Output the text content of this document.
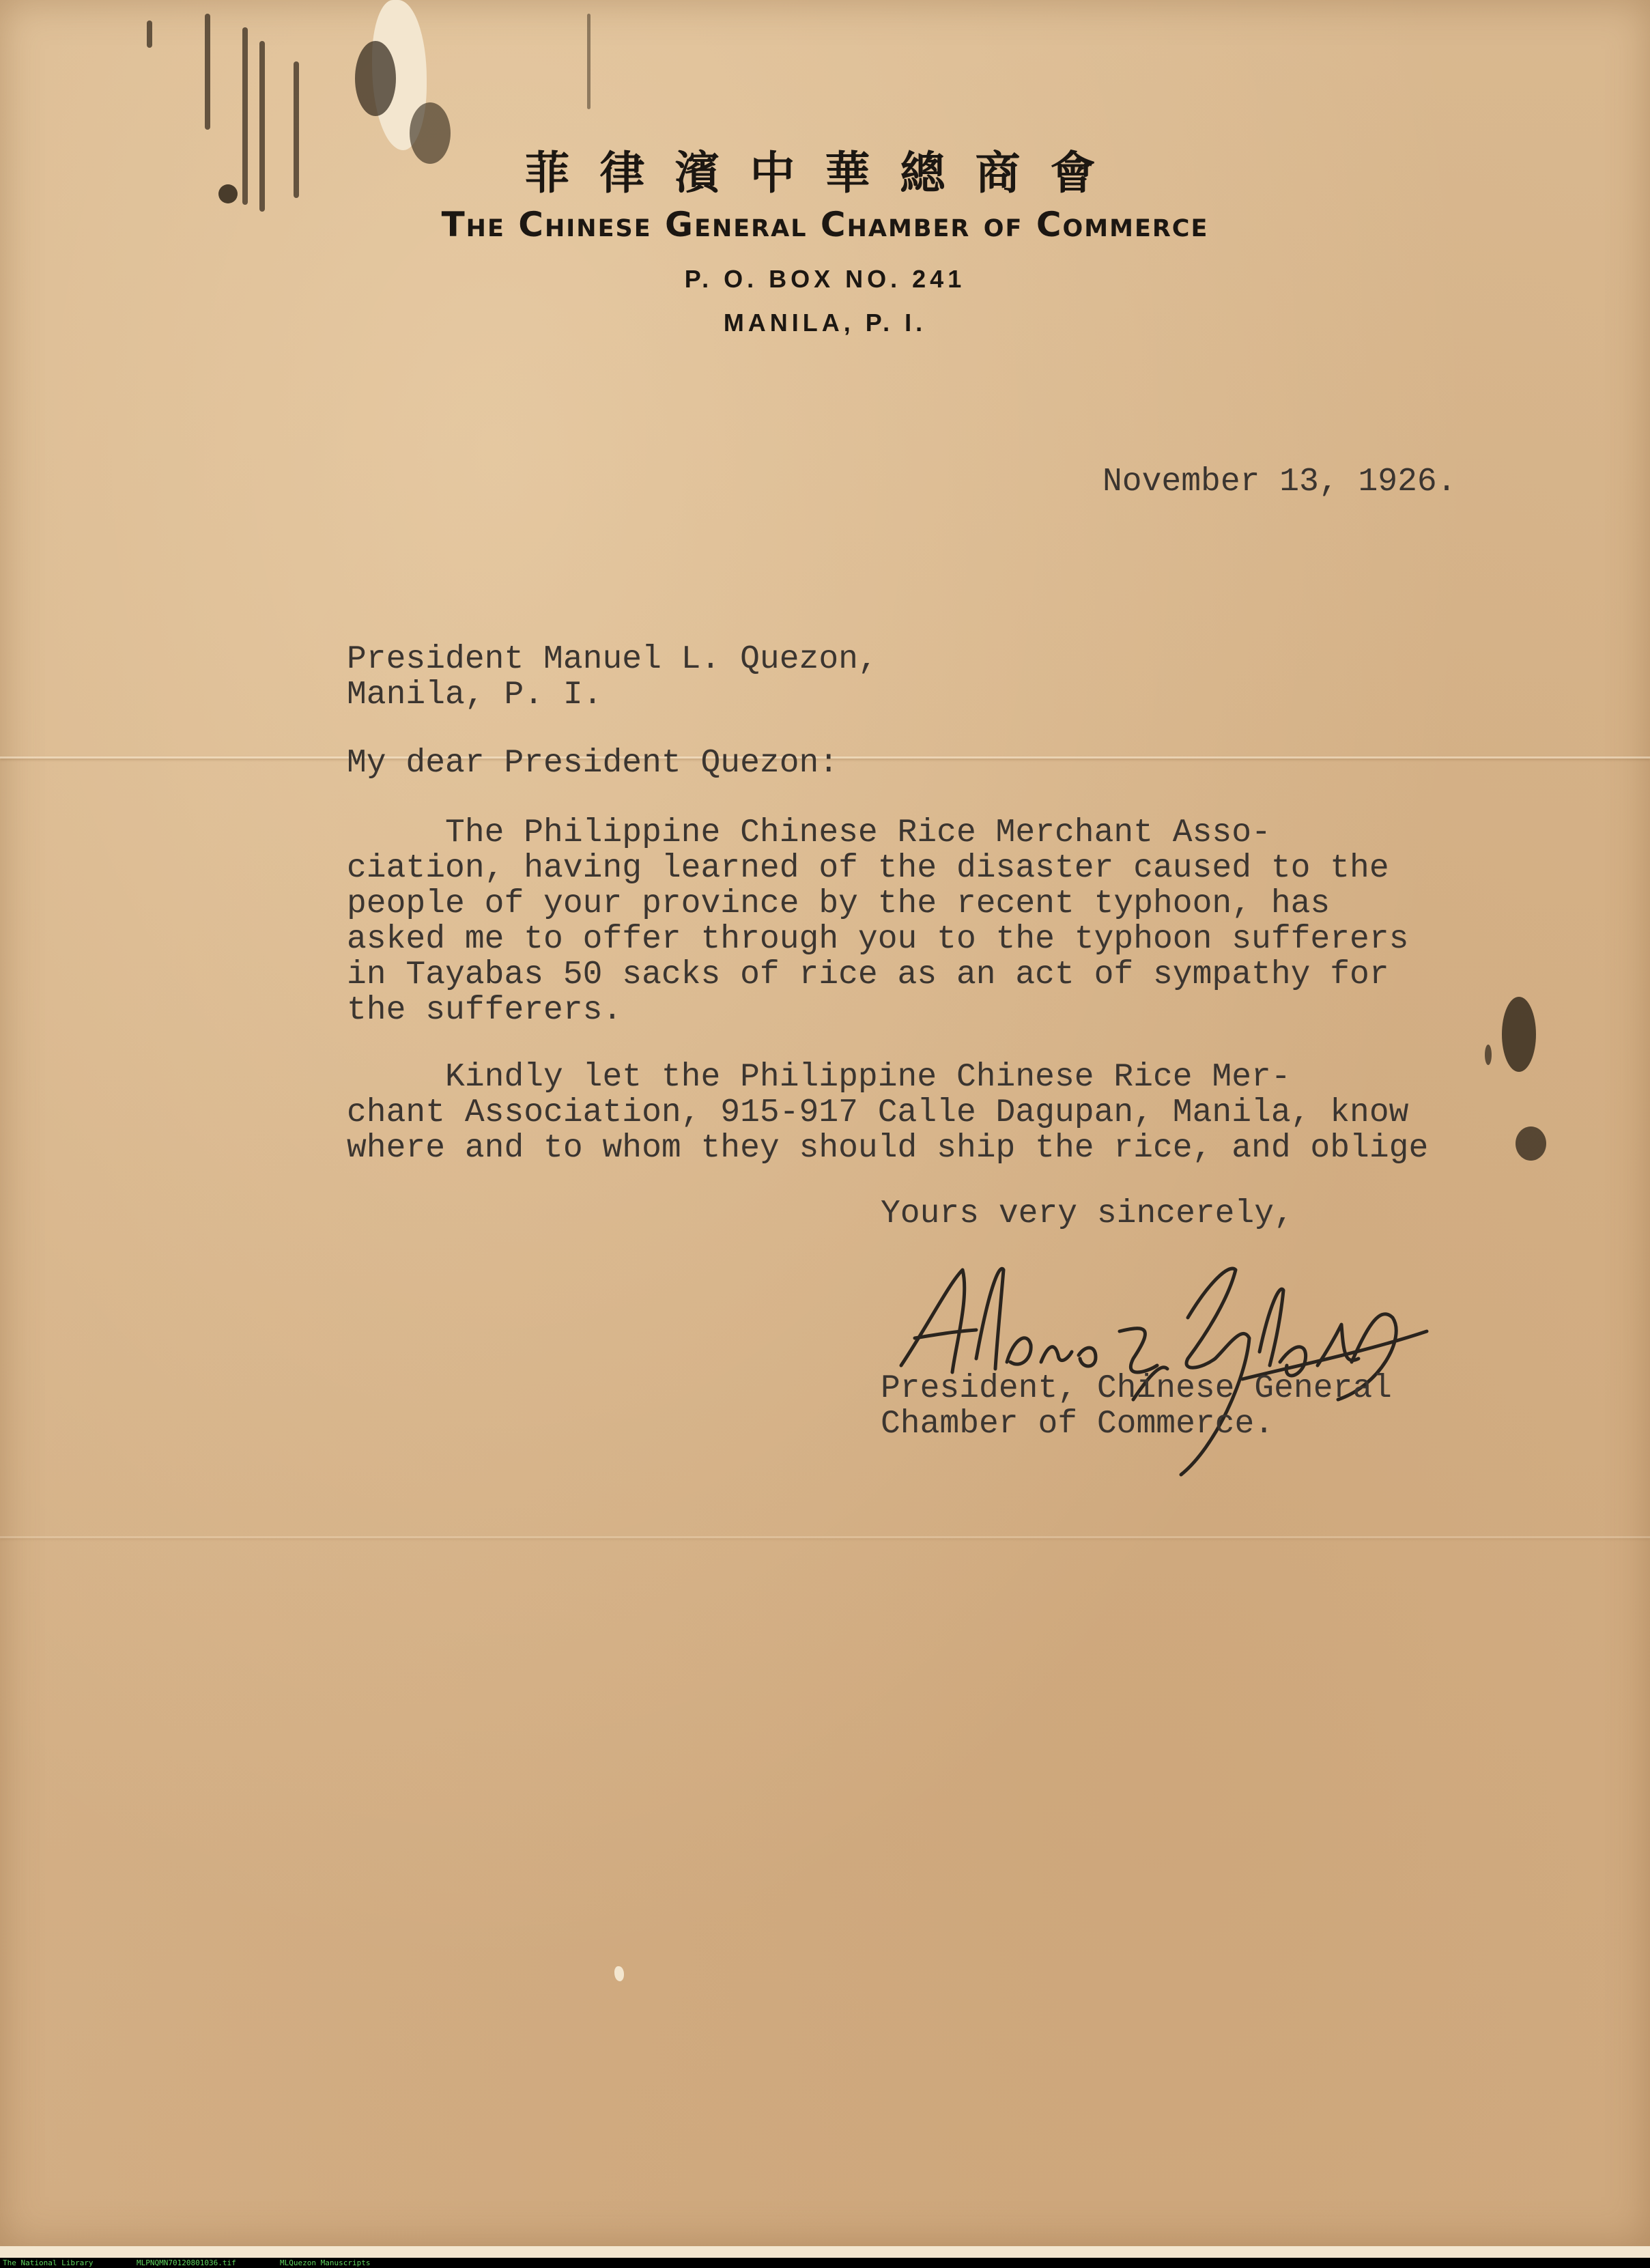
菲律濱中華總商會
The Chinese General Chamber of Commerce
P. O. BOX NO. 241
MANILA, P. I.
November 13, 1926.
President Manuel L. Quezon,
Manila, P. I.
My dear President Quezon:
The Philippine Chinese Rice Merchant Asso-
ciation, having learned of the disaster caused to the
people of your province by the recent typhoon, has
asked me to offer through you to the typhoon sufferers
in Tayabas 50 sacks of rice as an act of sympathy for
the sufferers.
Kindly let the Philippine Chinese Rice Mer-
chant Association, 915-917 Calle Dagupan, Manila, know
where and to whom they should ship the rice, and oblige
Yours very sincerely,
President, Chinese General
Chamber of Commerce.
The National Library	MLPNQMN70120801036.tif	MLQuezon Manuscripts
